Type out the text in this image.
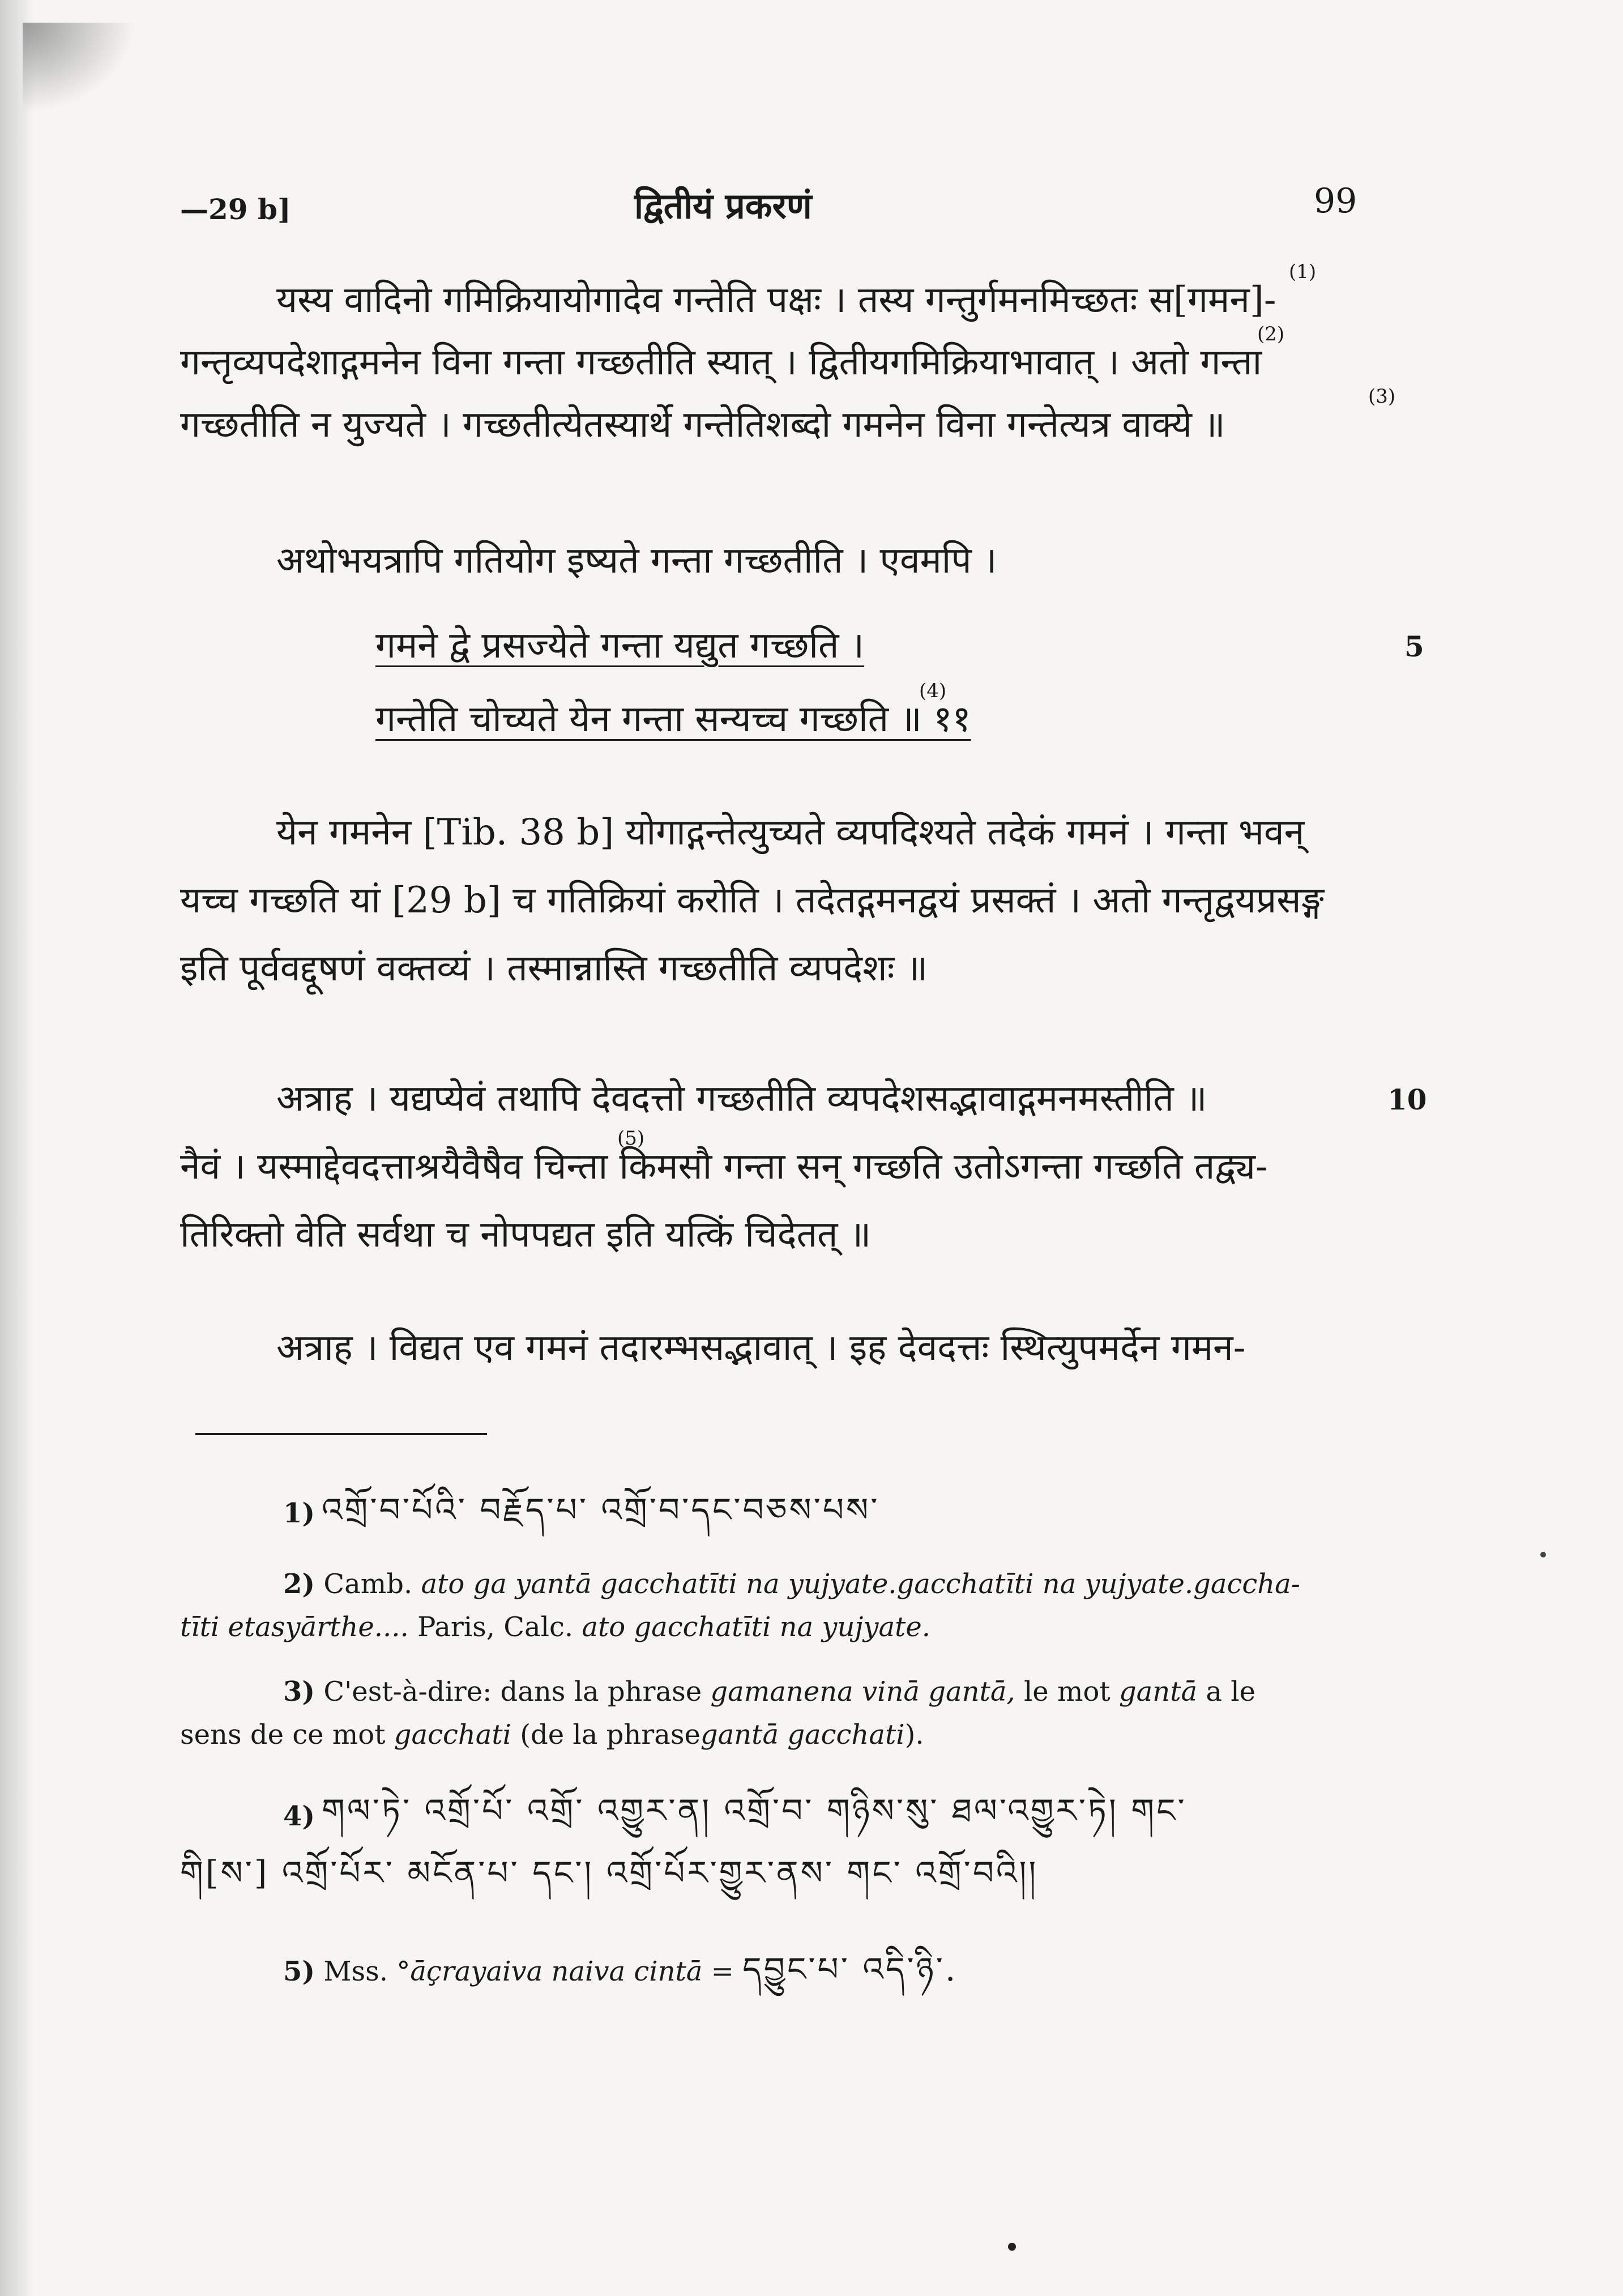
—29 b]	द्वितीयं प्रकरणं	99
(1)
यस्य वादिनो गमिक्रियायोगादेव गन्तेति पक्षः । तस्य गन्तुर्गमनमिच्छतः स[गमन]-
(2)
गन्तृव्यपदेशाद्गमनेन विना गन्ता गच्छतीति स्यात् । द्वितीयगमिक्रियाभावात् । अतो गन्ता
(3)
गच्छतीति न युज्यते । गच्छतीत्येतस्यार्थे गन्तेतिशब्दो गमनेन विना गन्तेत्यत्र वाक्ये ॥
अथोभयत्रापि गतियोग इष्यते गन्ता गच्छतीति । एवमपि ।
गमने द्वे प्रसज्येते गन्ता यद्युत गच्छति ।
(4)
गन्तेति चोच्यते येन गन्ता सन्यच्च गच्छति ॥ ११
5
येन गमनेन [Tib. 38 b] योगाद्गन्तेत्युच्यते व्यपदिश्यते तदेकं गमनं । गन्ता भवन्
यच्च गच्छति यां [29 b] च गतिक्रियां करोति । तदेतद्गमनद्वयं प्रसक्तं । अतो गन्तृद्वयप्रसङ्ग
इति पूर्ववद्दूषणं वक्तव्यं । तस्मान्नास्ति गच्छतीति व्यपदेशः ॥
अत्राह । यद्यप्येवं तथापि देवदत्तो गच्छतीति व्यपदेशसद्भावाद्गमनमस्तीति ॥
(5)
नैवं । यस्माद्देवदत्ताश्रयैवैषैव चिन्ता किमसौ गन्ता सन् गच्छति उतोऽगन्ता गच्छति तद्व्य-
तिरिक्तो वेति सर्वथा च नोपपद्यत इति यत्किं चिदेतत् ॥
10
अत्राह । विद्यत एव गमनं तदारम्भसद्भावात् । इह देवदत्तः स्थित्युपमर्देन गमन-
1) འགྲོ་བ་པོའི་ བརྗོད་པ་ འགྲོ་བ་དང་བཅས་པས་
2) Camb. ato ga yantā gacchatīti na yujyate.gacchatīti na yujyate.gaccha-
tīti etasyārthe.... Paris, Calc. ato gacchatīti na yujyate.
3) C'est-à-dire: dans la phrase gamanena vinā gantā, le mot gantā a le
sens de ce mot gacchati (de la phrasegantā gacchati).
4) གལ་ཏེ་ འགྲོ་པོ་ འགྲོ་ འགྱུར་ན། འགྲོ་བ་ གཉིས་སུ་ ཐལ་འགྱུར་ཏེ། གང་
གི[ས་] འགྲོ་པོར་ མངོན་པ་ དང་། འགྲོ་པོར་གྱུར་ནས་ གང་ འགྲོ་བའི།།
5) Mss. °āçrayaiva naiva cintā = དབྱུང་པ་ འདི་ཉི་.
